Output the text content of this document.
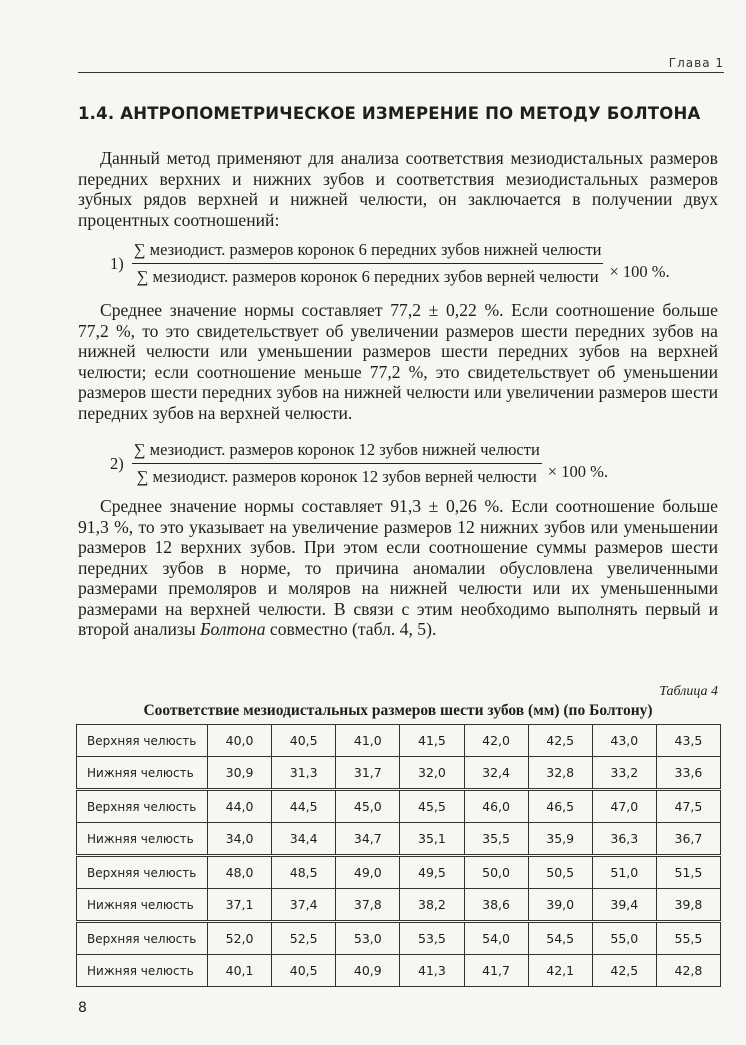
Глава 1
1.4. АНТРОПОМЕТРИЧЕСКОЕ ИЗМЕРЕНИЕ ПО МЕТОДУ БОЛТОНА

Данный метод применяют для анализа соответствия мезиодистальных размеров передних верхних и нижних зубов и соответствия мезиодистальных размеров зубных рядов верхней и нижней челюсти, он заключается в получении двух процентных соотношений:

1)
∑ мезиодист. размеров коронок 6 передних зубов нижней челюсти
∑ мезиодист. размеров коронок 6 передних зубов верней челюсти × 100 %.

Среднее значение нормы составляет 77,2 ± 0,22 %. Если соотношение больше 77,2 %, то это свидетельствует об увеличении размеров шести передних зубов на нижней челюсти или уменьшении размеров шести передних зубов на верхней челюсти; если соотношение меньше 77,2 %, это свидетельствует об уменьшении размеров шести передних зубов на нижней челюсти или увеличении размеров шести передних зубов на верхней челюсти.

$2) \frac{\text{∑ мезиодист. размеров коронок 12 зубов нижней челюсти}}{\text{∑ мезиодист. размеров коронок 12 зубов верней челюсти}} \times 100$ %.

Среднее значение нормы составляет 91,3 ± 0,26 %. Если соотношение больше 91,3 %, то это указывает на увеличение размеров 12 нижних зубов или уменьшении размеров 12 верхних зубов. При этом если соотношение суммы размеров шести передних зубов в норме, то причина аномалии обусловлена увеличенными размерами премоляров и моляров на нижней челюсти или их уменьшенными размерами на верхней челюсти. В связи с этим необходимо выполнять первый и второй анализы Болтона совместно (табл. 4, 5).

Таблица 4
Соответствие мезиодистальных размеров шести зубов (мм) (по Болтону)
Верхняя челюсть	40,0	40,5	41,0	41,5	42,0	42,5	43,0	43,5
Нижняя челюсть	30,9	31,3	31,7	32,0	32,4	32,8	33,2	33,6
Верхняя челюсть	44,0	44,5	45,0	45,5	46,0	46,5	47,0	47,5
Нижняя челюсть	34,0	34,4	34,7	35,1	35,5	35,9	36,3	36,7
Верхняя челюсть	48,0	48,5	49,0	49,5	50,0	50,5	51,0	51,5
Нижняя челюсть	37,1	37,4	37,8	38,2	38,6	39,0	39,4	39,8
Верхняя челюсть	52,0	52,5	53,0	53,5	54,0	54,5	55,0	55,5
Нижняя челюсть	40,1	40,5	40,9	41,3	41,7	42,1	42,5	42,8
8
